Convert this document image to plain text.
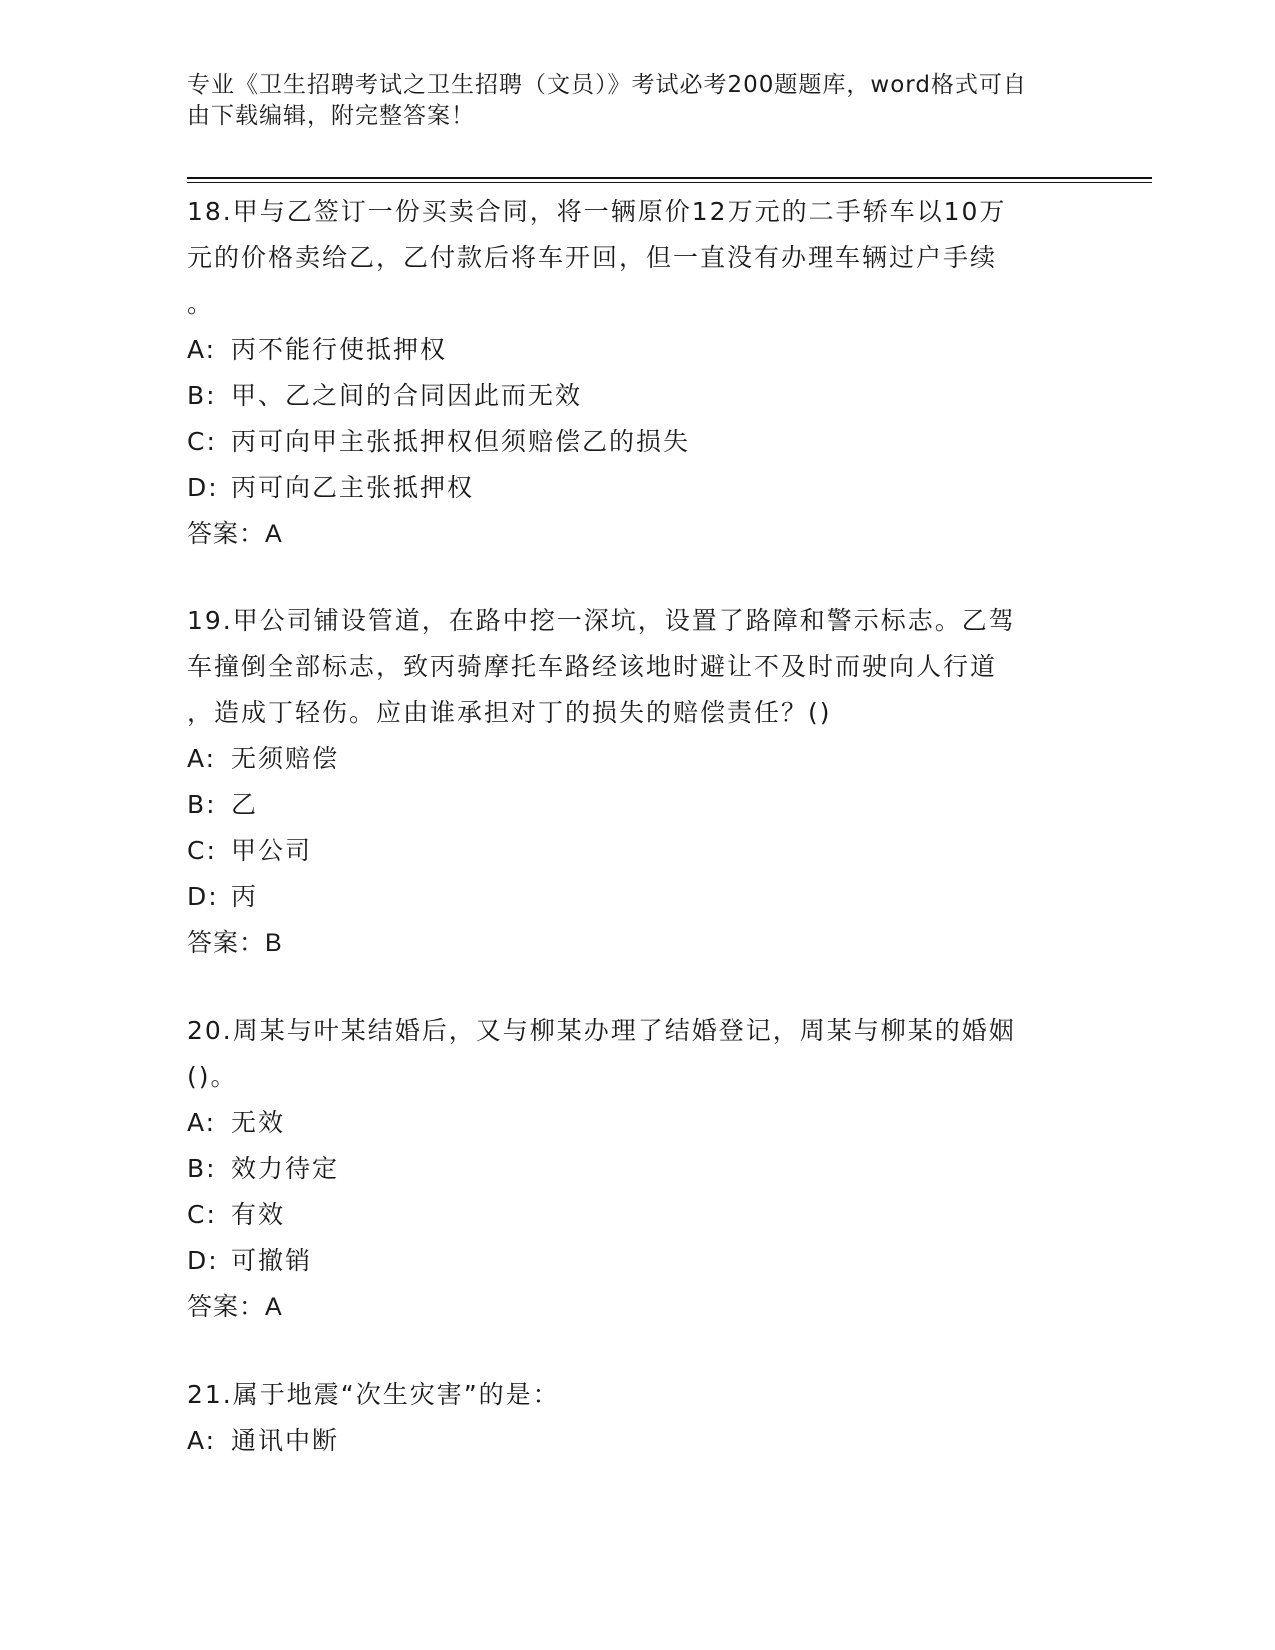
专业《卫生招聘考试之卫生招聘（文员）》考试必考200题题库，word格式可自
由下载编辑，附完整答案！

18.甲与乙签订一份买卖合同，将一辆原价12万元的二手轿车以10万

元的价格卖给乙，乙付款后将车开回，但一直没有办理车辆过户手续

。

A: 丙不能行使抵押权

B: 甲、乙之间的合同因此而无效

C: 丙可向甲主张抵押权但须赔偿乙的损失

D: 丙可向乙主张抵押权

答案：A

19.甲公司铺设管道，在路中挖一深坑，设置了路障和警示标志。乙驾

车撞倒全部标志，致丙骑摩托车路经该地时避让不及时而驶向人行道

，造成丁轻伤。应由谁承担对丁的损失的赔偿责任？()

A: 无须赔偿

B: 乙

C: 甲公司

D: 丙

答案：B

20.周某与叶某结婚后，又与柳某办理了结婚登记，周某与柳某的婚姻

()。

A: 无效

B: 效力待定

C: 有效

D: 可撤销

答案：A

21.属于地震“次生灾害”的是：

A: 通讯中断
